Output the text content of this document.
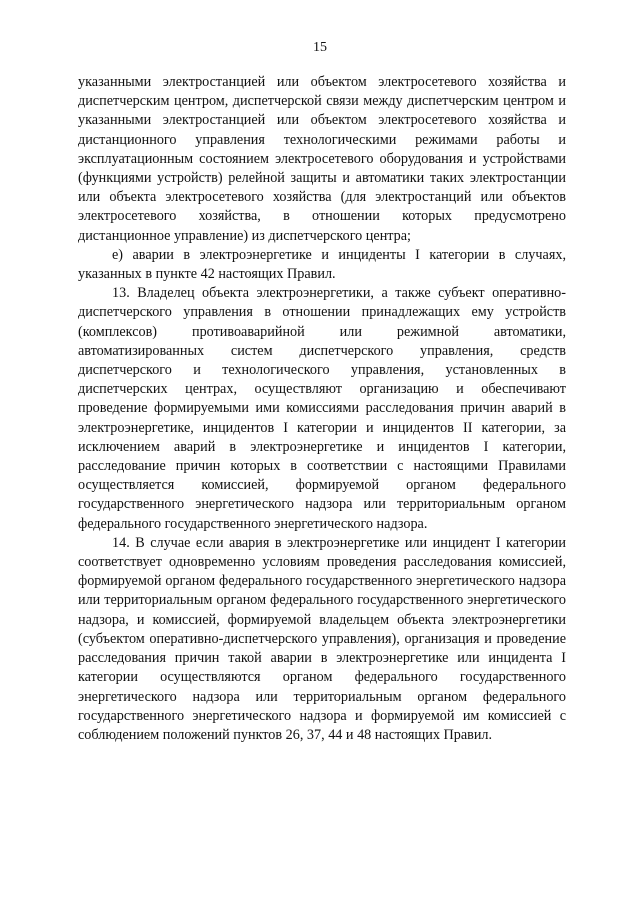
15

указанными электростанцией или объектом электросетевого хозяйства и диспетчерским центром, диспетчерской связи между диспетчерским центром и указанными электростанцией или объектом электросетевого хозяйства и дистанционного управления технологическими режимами работы и эксплуатационным состоянием электросетевого оборудования и устройствами (функциями устройств) релейной защиты и автоматики таких электростанции или объекта электросетевого хозяйства (для электростанций или объектов электросетевого хозяйства, в отношении которых предусмотрено дистанционное управление) из диспетчерского центра;

е) аварии в электроэнергетике и инциденты I категории в случаях, указанных в пункте 42 настоящих Правил.

13. Владелец объекта электроэнергетики, а также субъект оперативно-диспетчерского управления в отношении принадлежащих ему устройств (комплексов) противоаварийной или режимной автоматики, автоматизированных систем диспетчерского управления, средств диспетчерского и технологического управления, установленных в диспетчерских центрах, осуществляют организацию и обеспечивают проведение формируемыми ими комиссиями расследования причин аварий в электроэнергетике, инцидентов I категории и инцидентов II категории, за исключением аварий в электроэнергетике и инцидентов I категории, расследование причин которых в соответствии с настоящими Правилами осуществляется комиссией, формируемой органом федерального государственного энергетического надзора или территориальным органом федерального государственного энергетического надзора.

14. В случае если авария в электроэнергетике или инцидент I категории соответствует одновременно условиям проведения расследования комиссией, формируемой органом федерального государственного энергетического надзора или территориальным органом федерального государственного энергетического надзора, и комиссией, формируемой владельцем объекта электроэнергетики (субъектом оперативно-диспетчерского управления), организация и проведение расследования причин такой аварии в электроэнергетике или инцидента I категории осуществляются органом федерального государственного энергетического надзора или территориальным органом федерального государственного энергетического надзора и формируемой им комиссией с соблюдением положений пунктов 26, 37, 44 и 48 настоящих Правил.
